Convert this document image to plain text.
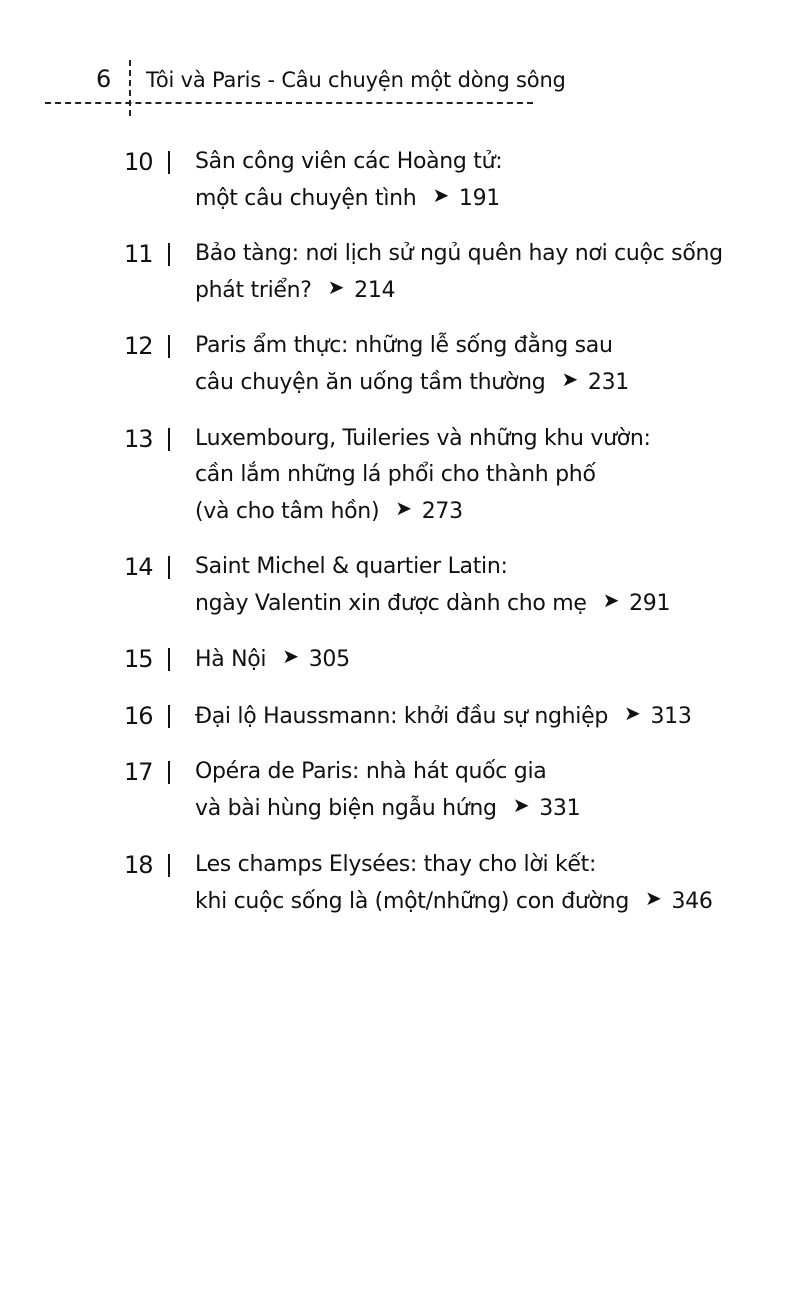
6 Tôi và Paris - Câu chuyện một dòng sông
10 Sân công viên các Hoàng tử:
một câu chuyện tình ➤ 191
11 Bảo tàng: nơi lịch sử ngủ quên hay nơi cuộc sống
phát triển? ➤ 214
12 Paris ẩm thực: những lễ sống đằng sau
câu chuyện ăn uống tầm thường ➤ 231
13 Luxembourg, Tuileries và những khu vườn:
cần lắm những lá phổi cho thành phố
(và cho tâm hồn) ➤ 273
14 Saint Michel & quartier Latin:
ngày Valentin xin được dành cho mẹ ➤ 291
15 Hà Nội ➤ 305
16 Đại lộ Haussmann: khởi đầu sự nghiệp ➤ 313
17 Opéra de Paris: nhà hát quốc gia
và bài hùng biện ngẫu hứng ➤ 331
18 Les champs Elysées: thay cho lời kết:
khi cuộc sống là (một/những) con đường ➤ 346
